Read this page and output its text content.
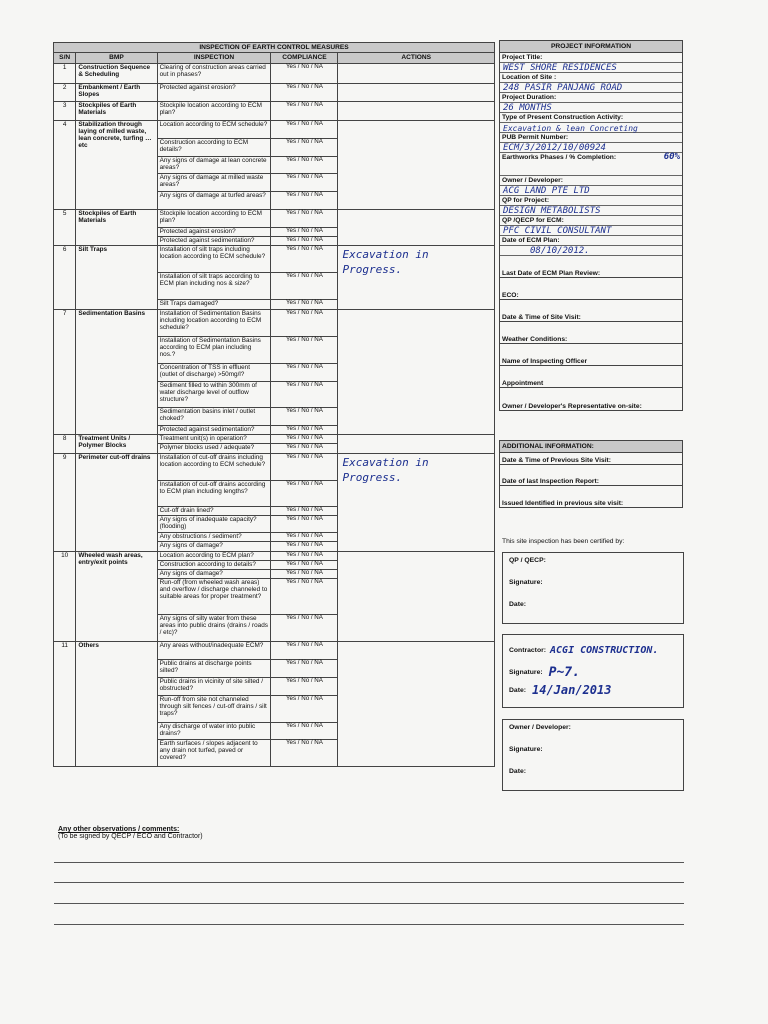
INSPECTION OF EARTH CONTROL MEASURES				
S/N	BMP	INSPECTION	COMPLIANCE	ACTIONS
1	Construction Sequence & Scheduling	Clearing of construction areas carried out in phases?	Yes / No / NA	
2	Embankment / Earth Slopes	Protected against erosion?	Yes / No / NA	
3	Stockpiles of Earth Materials	Stockpile location according to ECM plan?	Yes / No / NA	
4	Stabilization through laying of milled waste, lean concrete, turfing …etc	Location according to ECM schedule?	Yes / No / NA	
		Construction according to ECM details?	Yes / No / NA	
		Any signs of damage at lean concrete areas?	Yes / No / NA	
		Any signs of damage at milled waste areas?	Yes / No / NA	
		Any signs of damage at turfed areas?	Yes / No / NA	
5	Stockpiles of Earth Materials	Stockpile location according to ECM plan?	Yes / No / NA	
		Protected against erosion?	Yes / No / NA	
		Protected against sedimentation?	Yes / No / NA	
6	Silt Traps	Installation of silt traps including location according to ECM schedule?	Yes / No / NA	Excavation in Progress.

		Installation of silt traps according to ECM plan including nos & size?	Yes / No / NA	
		Silt Traps damaged?	Yes / No / NA	
7	Sedimentation Basins	Installation of Sedimentation Basins including location according to ECM schedule?	Yes / No / NA	
		Installation of Sedimentation Basins according to ECM plan including nos.?	Yes / No / NA	
		Concentration of TSS in effluent (outlet of discharge) >50mg/l?	Yes / No / NA	
		Sediment filled to within 300mm of water discharge level of outflow structure?	Yes / No / NA	
		Sedimentation basins inlet / outlet choked?	Yes / No / NA	
		Protected against sedimentation?	Yes / No / NA	
8	Treatment Units / Polymer Blocks	Treatment unit(s) in operation?	Yes / No / NA	
		Polymer blocks used / adequate?	Yes / No / NA	
9	Perimeter cut-off drains	Installation of cut-off drains including location according to ECM schedule?	Yes / No / NA	Excavation in Progress.

		Installation of cut-off drains according to ECM plan including lengths?	Yes / No / NA	
		Cut-off drain lined?	Yes / No / NA	
		Any signs of inadequate capacity? (flooding)	Yes / No / NA	
		Any obstructions / sediment?	Yes / No / NA	
		Any signs of damage?	Yes / No / NA	
10	Wheeled wash areas, entry/exit points	Location according to ECM plan?	Yes / No / NA	
		Construction according to details?	Yes / No / NA	
		Any signs of damage?	Yes / No / NA	
		Run-off (from wheeled wash areas) and overflow / discharge channeled to suitable areas for proper treatment?	Yes / No / NA	
		Any signs of silty water from these areas into public drains (drains / roads / etc)?	Yes / No / NA	
11	Others	Any areas without/inadequate ECM?	Yes / No / NA	
		Public drains at discharge points silted?	Yes / No / NA	
		Public drains in vicinity of site silted / obstructed?	Yes / No / NA	
		Run-off from site not channeled through silt fences / cut-off drains / silt traps?	Yes / No / NA	
		Any discharge of water into public drains?	Yes / No / NA	
		Earth surfaces / slopes adjacent to any drain not turfed, paved or covered?	Yes / No / NA	
PROJECT INFORMATION
Project Title:
WEST SHORE RESIDENCES
Location of Site :
248 PASIR PANJANG ROAD
Project Duration:
26 MONTHS
Type of Present Construction Activity:
Excavation & lean Concreting
PUB Permit Number:
ECM/3/2012/10/00924
Earthworks Phases / % Completion:	60%
Owner / Developer:
ACG LAND PTE LTD
QP for Project:
DESIGN METABOLISTS
QP /QECP for ECM:
PFC CIVIL CONSULTANT
Date of ECM Plan:
08/10/2012.
Last Date of ECM Plan Review:
ECO:
Date & Time of Site Visit:
Weather Conditions:
Name of Inspecting Officer
Appointment
Owner / Developer's Representative on-site:
ADDITIONAL INFORMATION:
Date & Time of Previous Site Visit:
Date of last Inspection Report:
Issued Identified in previous site visit:
This site inspection has been certified by:
QP / QECP:
Signature:
Date:
Contractor: ACGI CONSTRUCTION.
Signature: P~7.
Date: 14/Jan/2013
Owner / Developer:
Signature:
Date:
Any other observations / comments:
(To be signed by QECP / ECO and Contractor)
